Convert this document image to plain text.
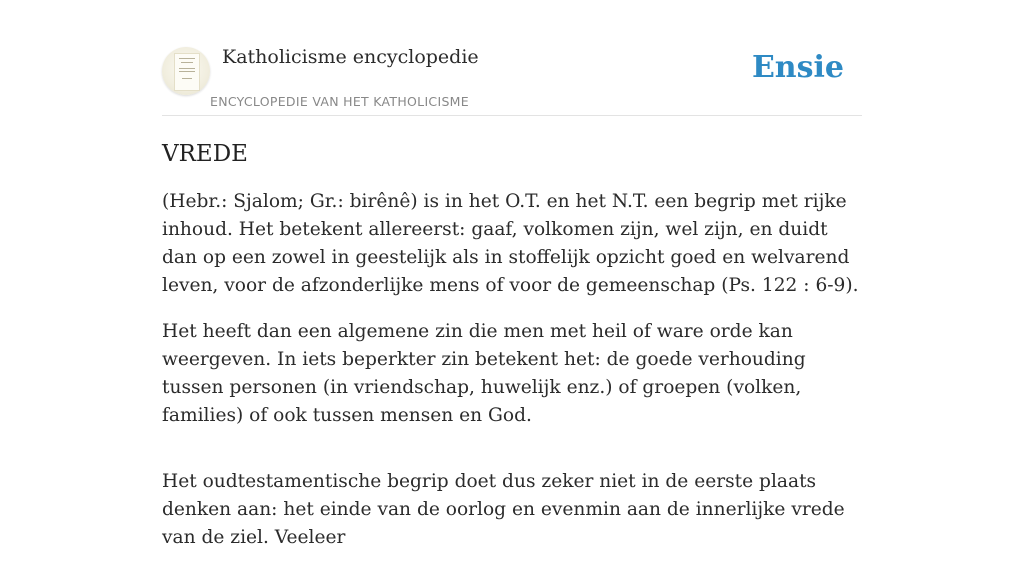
Katholicisme encyclopedie
ENCYCLOPEDIE VAN HET KATHOLICISME
Ensie
VREDE

(Hebr.: Sjalom; Gr.: birênê) is in het O.T. en het N.T. een begrip met rijke inhoud. Het betekent allereerst: gaaf, volkomen zijn, wel zijn, en duidt dan op een zowel in geestelijk als in stoffelijk opzicht goed en welvarend leven, voor de afzonderlijke mens of voor de gemeenschap (Ps. 122 : 6-9).

Het heeft dan een algemene zin die men met heil of ware orde kan weergeven. In iets beperkter zin betekent het: de goede verhouding tussen personen (in vriendschap, huwelijk enz.) of groepen (volken, families) of ook tussen mensen en God.

Het oudtestamentische begrip doet dus zeker niet in de eerste plaats denken aan: het einde van de oorlog en evenmin aan de innerlijke vrede van de ziel. Veeleer
